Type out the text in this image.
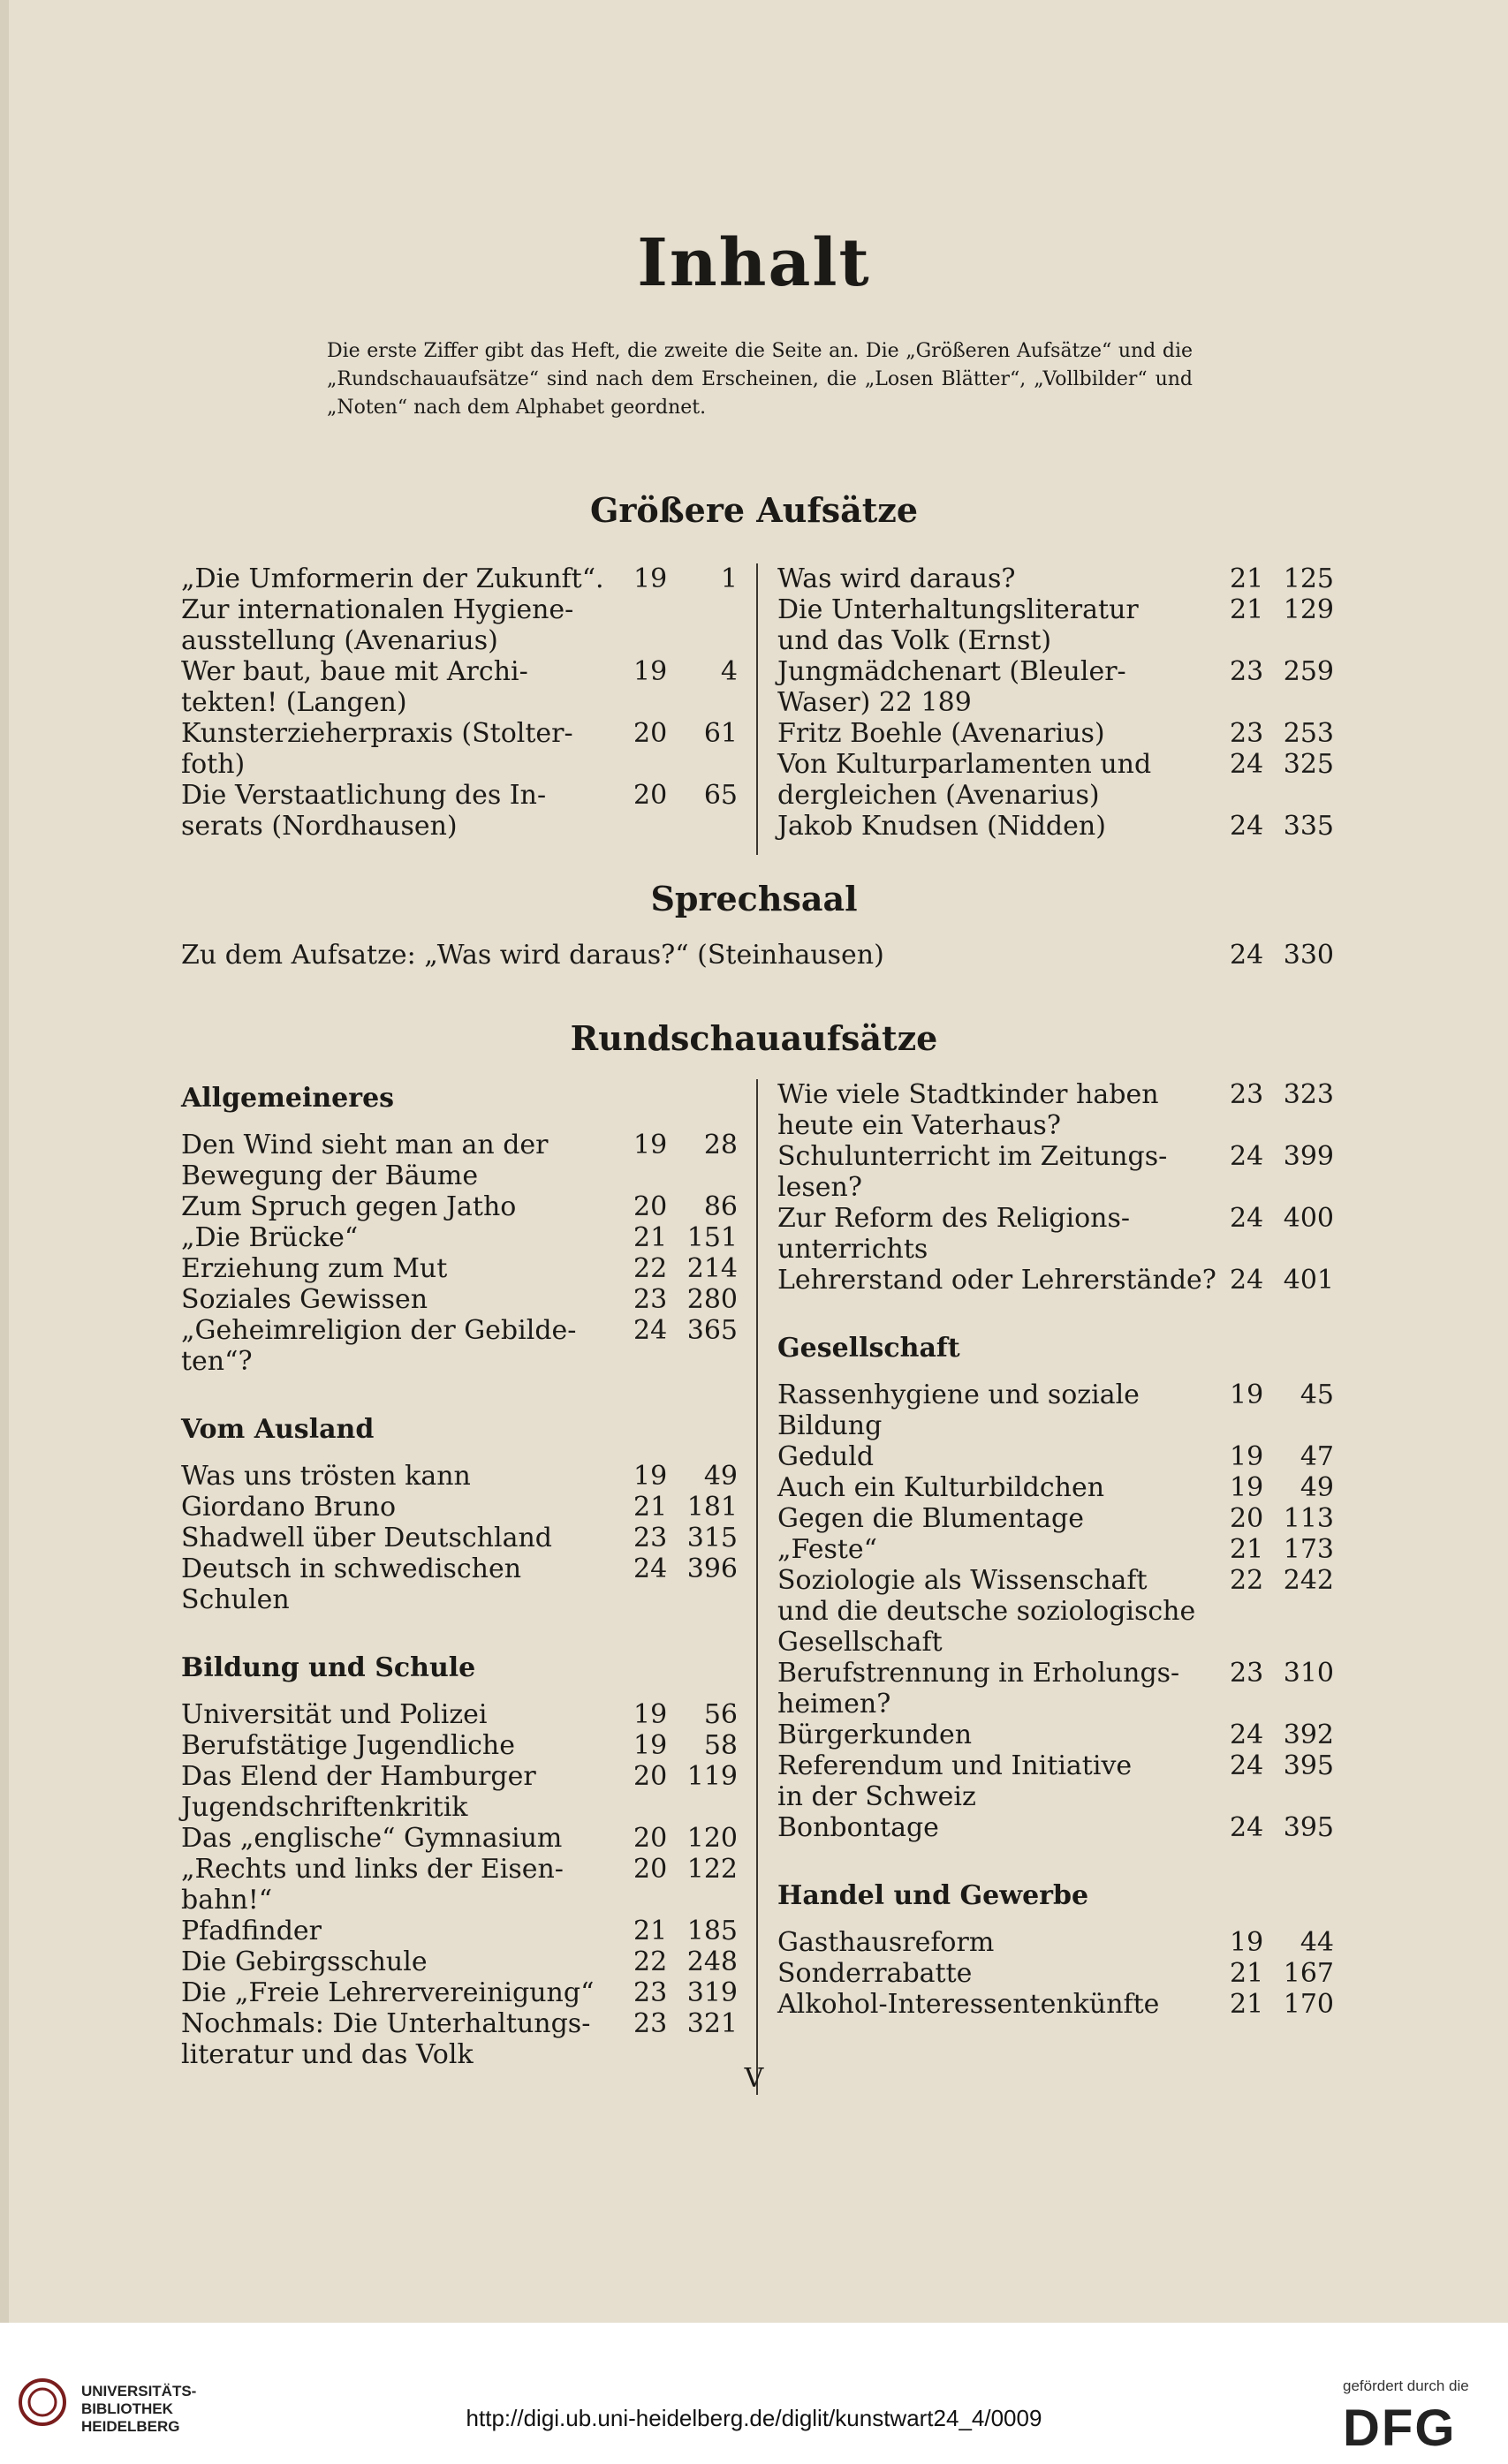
Inhalt
Die erste Ziffer gibt das Heft, die zweite die Seite an. Die „Größeren Aufsätze“ und die „Rundschauaufsätze“ sind nach dem Erscheinen, die „Losen Blätter“, „Vollbilder“ und „Noten“ nach dem Alphabet geordnet.
Größere Aufsätze
„Die Umformerin der Zukunft“.
Zur internationalen Hygiene-
ausstellung (Avenarius)
19	1
Wer baut, baue mit Archi-
tekten! (Langen)
19	4
Kunsterzieherpraxis (Stolter-
foth)
20	61
Die Verstaatlichung des In-
serats (Nordhausen)
20	65
Was wird daraus?	21 125
Die Unterhaltungsliteratur
und das Volk (Ernst)
21 129
Jungmädchenart (Bleuler-
Waser) 22 189
23 259
Fritz Boehle (Avenarius)	23 253
Von Kulturparlamenten und
dergleichen (Avenarius)
24 325
Jakob Knudsen (Nidden)	24 335
Sprechsaal
Zu dem Aufsatze: „Was wird daraus?“ (Steinhausen)	24 330
Rundschauaufsätze
Allgemeineres
Den Wind sieht man an der
Bewegung der Bäume
19	28
Zum Spruch gegen Jatho	20	86
„Die Brücke“	21 151
Erziehung zum Mut	22 214
Soziales Gewissen	23 280
„Geheimreligion der Gebilde-
ten“?
24 365
Vom Ausland
Was uns trösten kann	19	49
Giordano Bruno	21 181
Shadwell über Deutschland	23 315
Deutsch in schwedischen Schulen
24 396
Bildung und Schule
Universität und Polizei	19	56
Berufstätige Jugendliche	19	58
Das Elend der Hamburger
Jugendschriftenkritik
20 119
Das „englische“ Gymnasium	20 120
„Rechts und links der Eisen-
bahn!“
20 122
Pfadfinder	21 185
Die Gebirgsschule	22 248
Die „Freie Lehrervereinigung“	23 319
Nochmals: Die Unterhaltungs-
literatur und das Volk
23 321
Wie viele Stadtkinder haben
heute ein Vaterhaus?
23 323
Schulunterricht im Zeitungs-
lesen?
24 399
Zur Reform des Religions-
unterrichts
24 400
Lehrerstand oder Lehrerstände? 24 401
Gesellschaft
Rassenhygiene und soziale
Bildung
19	45
Geduld	19	47
Auch ein Kulturbildchen	19	49
Gegen die Blumentage	20 113
„Feste“	21 173
Soziologie als Wissenschaft
und die deutsche soziologische
Gesellschaft
22 242
Berufstrennung in Erholungs-
heimen?
23 310
Bürgerkunden	24 392
Referendum und Initiative
in der Schweiz
24 395
Bonbontage	24 395
Handel und Gewerbe
Gasthausreform	19	44
Sonderrabatte	21 167
Alkohol-Interessentenkünfte	21 170
V
UNIVERSITÄTS-
BIBLIOTHEK
HEIDELBERG	http://digi.ub.uni-heidelberg.de/diglit/kunstwart24_4/0009
gefördert durch die
DFG
